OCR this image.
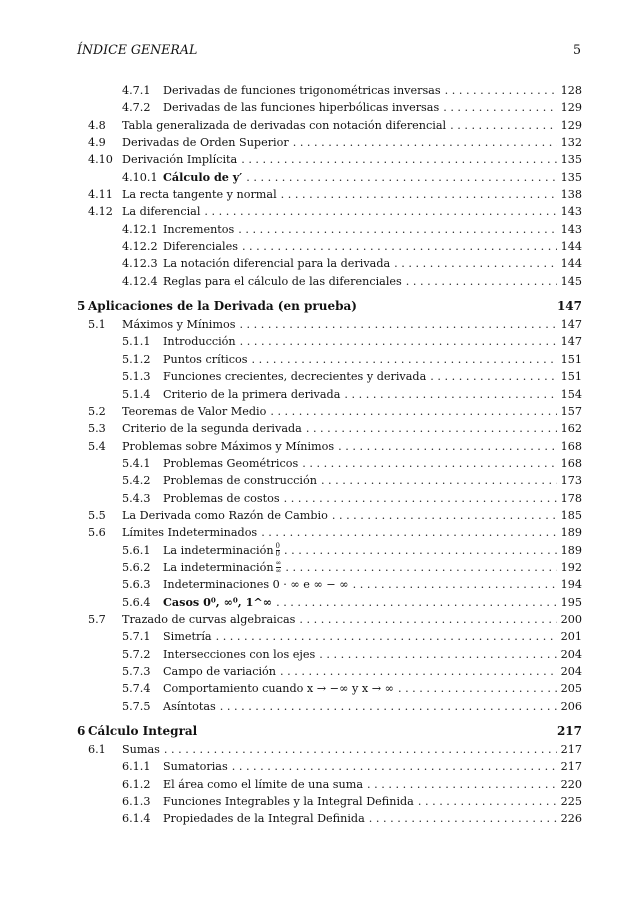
ÍNDICE GENERAL	5
4.7.1	Derivadas de funciones trigonométricas inversas . . .	128
4.7.2	Derivadas de las funciones hiperbólicas inversas . . .	129
4.8	Tabla generalizada de derivadas con notación diferencial . . .	129
4.9	Derivadas de Orden Superior . . .	132
4.10 Derivación Implícita . . .	135
4.10.1 Cálculo de y′ . . .	135
4.11 La recta tangente y normal . . .	138
4.12 La diferencial . . .	143
4.12.1 Incrementos . . .	143
4.12.2 Diferenciales . . .	144
4.12.3 La notación diferencial para la derivada . . .	144
4.12.4 Reglas para el cálculo de las diferenciales . . .	145
5 Aplicaciones de la Derivada (en prueba)	147
5.1	Máximos y Mínimos . . .	147
5.1.1	Introducción . . .	147
5.1.2	Puntos críticos . . .	151
5.1.3	Funciones crecientes, decrecientes y derivada . . .	151
5.1.4	Criterio de la primera derivada . . .	154
5.2	Teoremas de Valor Medio . . .	157
5.3	Criterio de la segunda derivada . . .	162
5.4	Problemas sobre Máximos y Mínimos . . .	168
5.4.1	Problemas Geométricos . . .	168
5.4.2	Problemas de construcción . . .	173
5.4.3	Problemas de costos . . .	178
5.5	La Derivada como Razón de Cambio . . .	185
5.6	Límites Indeterminados . . .	189
5.6.1	La indeterminación $\frac{0}{0}$ . . .	189
5.6.2	La indeterminación $\frac{\infty}{\infty}$ . . .	192
5.6.3	Indeterminaciones 0 · ∞ e ∞ − ∞ . . .	194
5.6.4	Casos 0⁰, ∞⁰, 1^∞ . . .	195
5.7	Trazado de curvas algebraicas . . .	200
5.7.1	Simetría . . .	201
5.7.2	Intersecciones con los ejes . . .	204
5.7.3	Campo de variación . . .	204
5.7.4	Comportamiento cuando x → −∞ y x → ∞ . . .	205
5.7.5	Asíntotas . . .	206
6 Cálculo Integral	217
6.1	Sumas . . .	217
6.1.1	Sumatorias . . .	217
6.1.2	El área como el límite de una suma . . .	220
6.1.3	Funciones Integrables y la Integral Definida . . .	225
6.1.4	Propiedades de la Integral Definida . . .	226
